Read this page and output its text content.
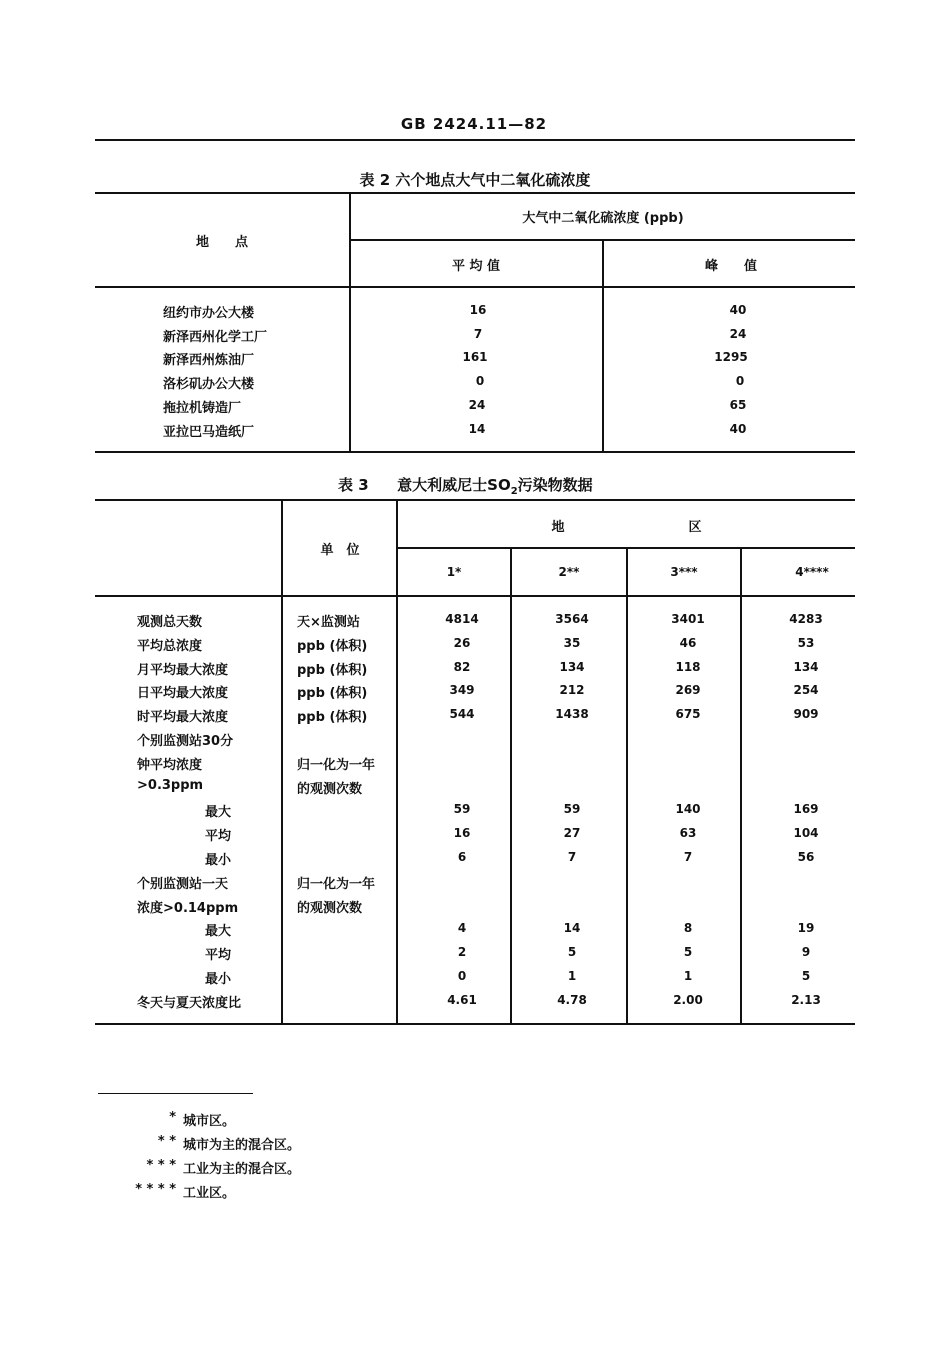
GB 2424.11—82
表 2 六个地点大气中二氧化硫浓度
地　　点
大气中二氧化硫浓度 (ppb)
平 均 值	峰　　值
纽约市办公大楼	16	40
新泽西州化学工厂	7	24
新泽西州炼油厂	161	1295
洛杉矶办公大楼	0	0
拖拉机铸造厂	24	65
亚拉巴马造纸厂	14	40
表 3 意大利威尼士$SO_2$污染物数据
单　位
地	区
1*	2**	3***	4****
观测总天数	天×监测站	4814	3564	3401	4283
平均总浓度	ppb (体积)	26	35	46	53
月平均最大浓度	ppb (体积)	82	134	118	134
日平均最大浓度	ppb (体积)	349	212	269	254
时平均最大浓度	ppb (体积)	544	1438	675	909
个别监测站30分
钟平均浓度	归一化为一年
>0.3ppm	的观测次数
最大	59	59	140	169
平均	16	27	63	104
最小	6	7	7	56
个别监测站一天	归一化为一年
浓度>0.14ppm	的观测次数
最大	4	14	8	19
平均	2	5	5	9
最小	0	1	1	5
冬天与夏天浓度比	4.61	4.78	2.00	2.13
* 城市区。
* * 城市为主的混合区。
* * * 工业为主的混合区。
* * * * 工业区。
